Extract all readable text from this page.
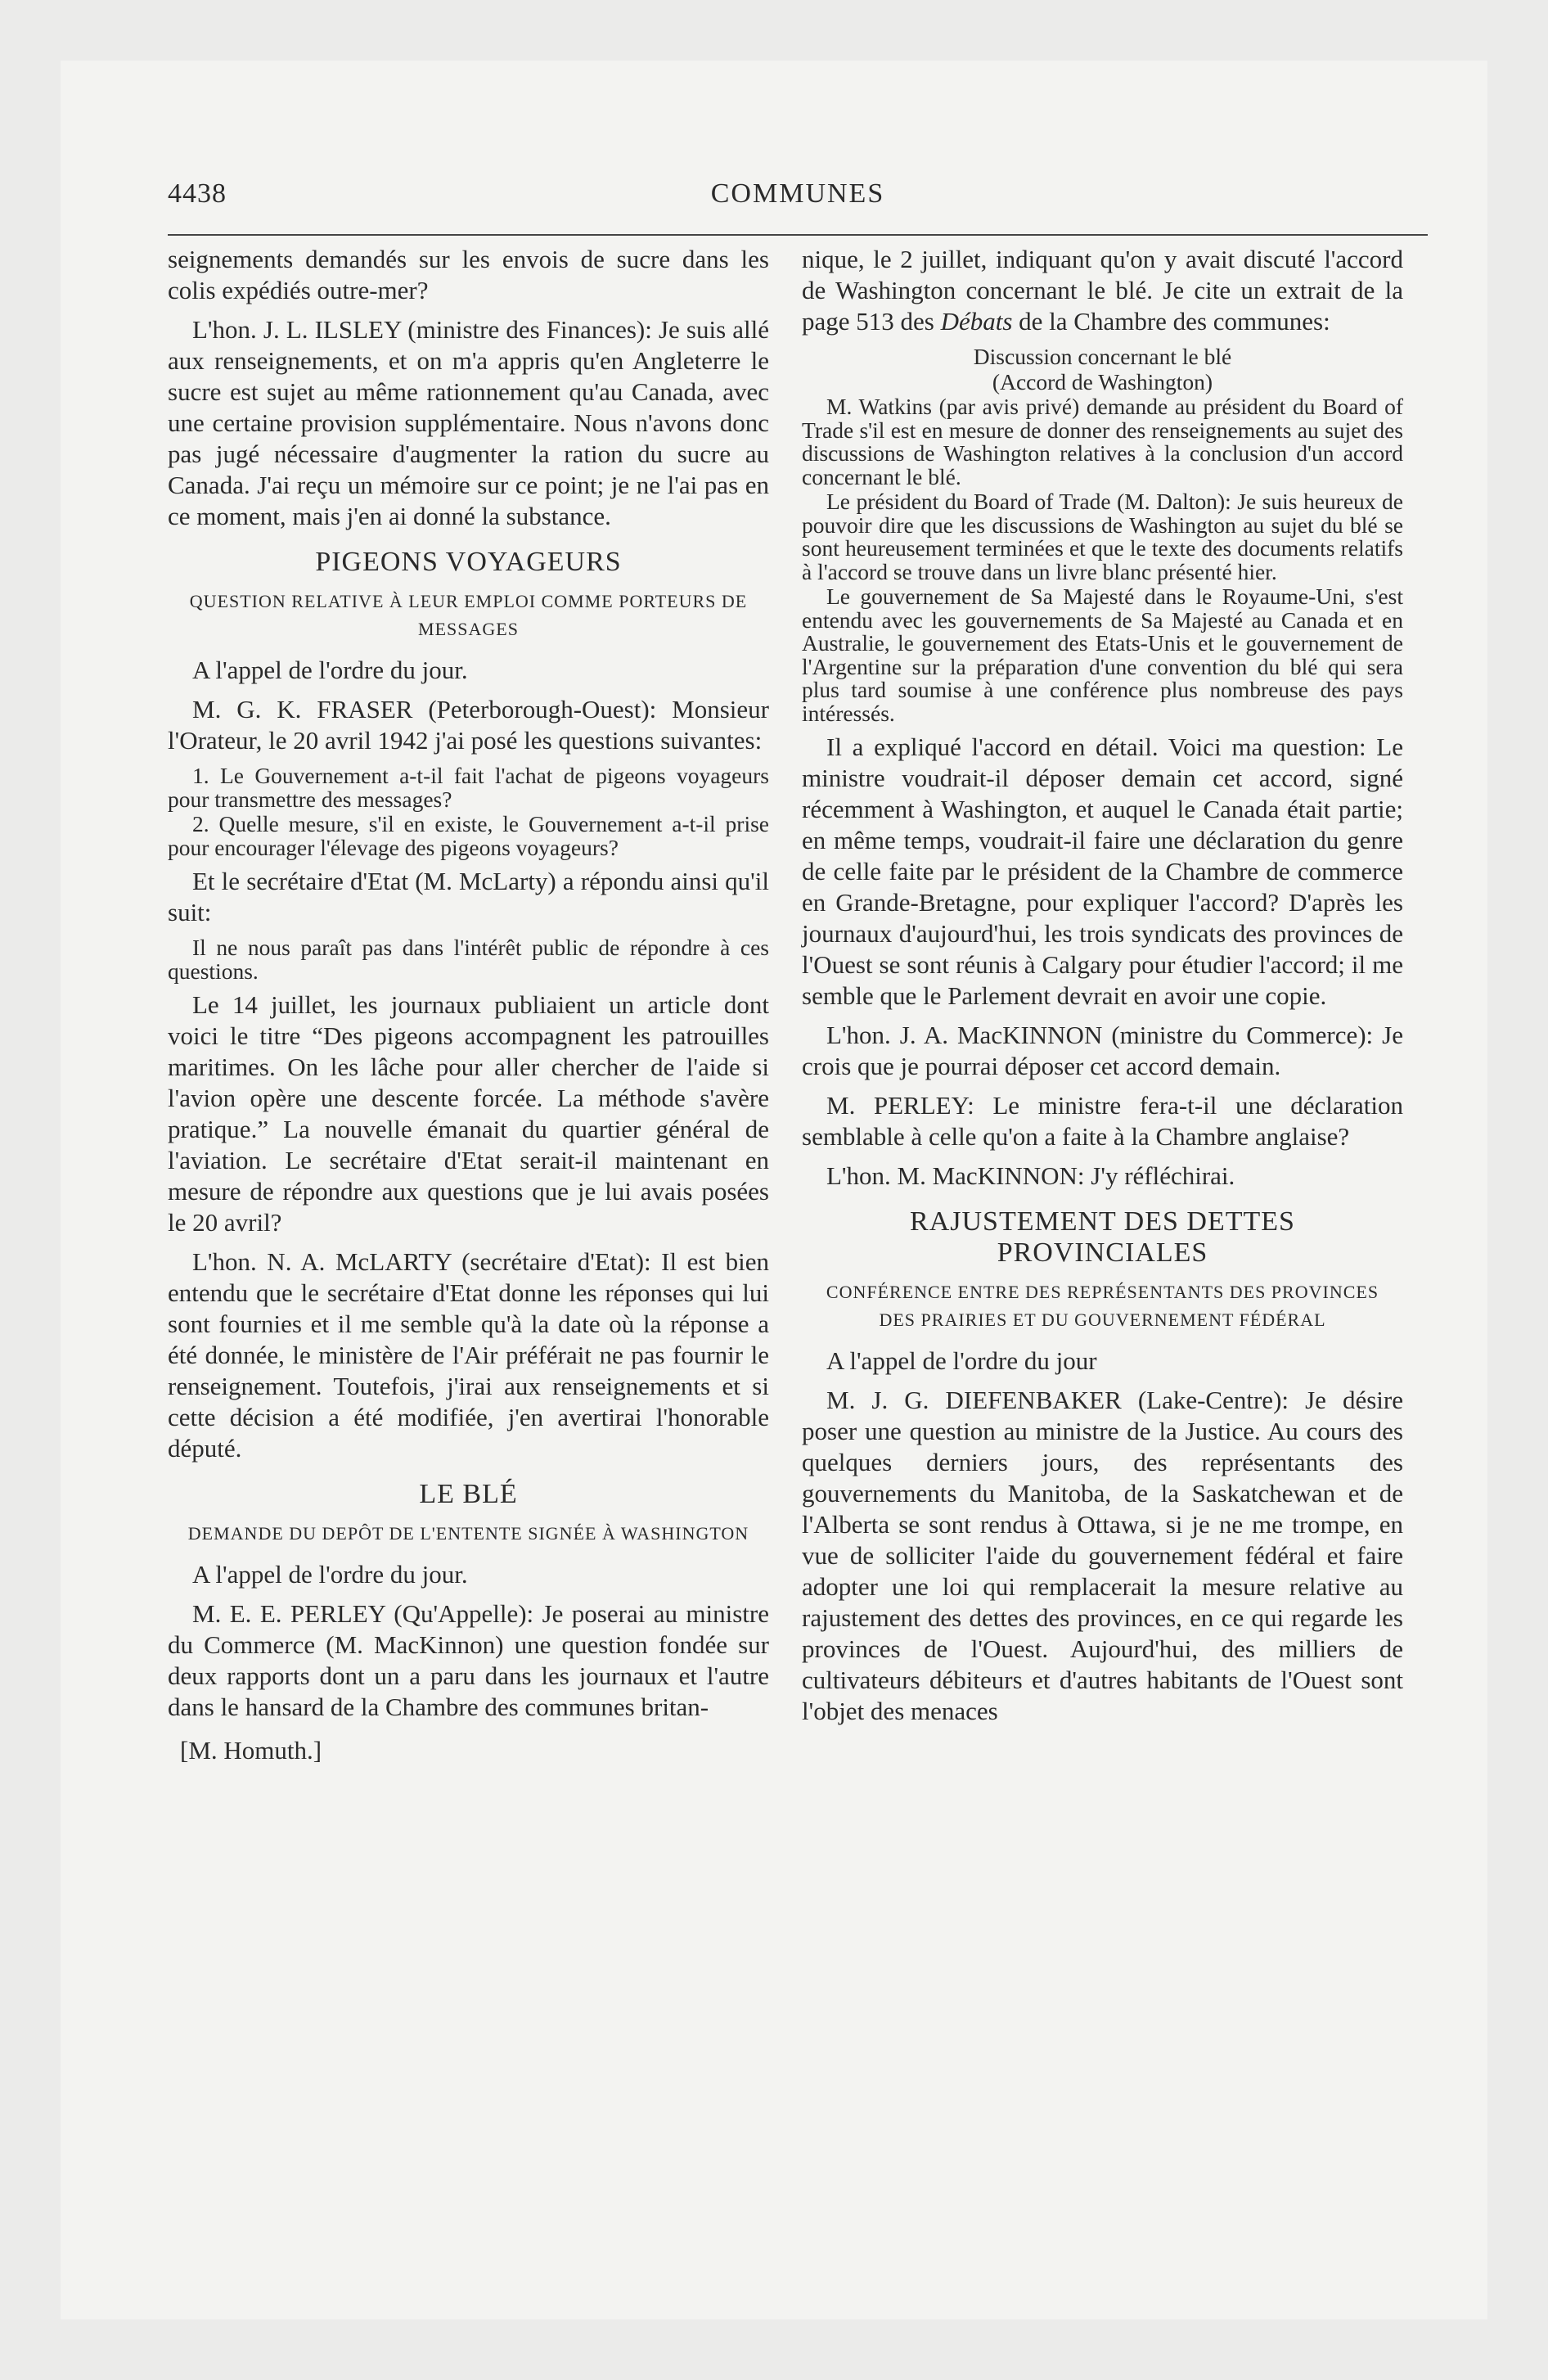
4438	COMMUNES

seignements demandés sur les envois de sucre dans les colis expédiés outre-mer?

L'hon. J. L. ILSLEY (ministre des Finances): Je suis allé aux renseignements, et on m'a appris qu'en Angleterre le sucre est sujet au même rationnement qu'au Canada, avec une certaine provision supplémentaire. Nous n'avons donc pas jugé nécessaire d'augmenter la ration du sucre au Canada. J'ai reçu un mémoire sur ce point; je ne l'ai pas en ce moment, mais j'en ai donné la substance.

PIGEONS VOYAGEURS
QUESTION RELATIVE À LEUR EMPLOI COMME PORTEURS DE MESSAGES

A l'appel de l'ordre du jour.

M. G. K. FRASER (Peterborough-Ouest): Monsieur l'Orateur, le 20 avril 1942 j'ai posé les questions suivantes:

1. Le Gouvernement a-t-il fait l'achat de pigeons voyageurs pour transmettre des messages?

2. Quelle mesure, s'il en existe, le Gouvernement a-t-il prise pour encourager l'élevage des pigeons voyageurs?

Et le secrétaire d'Etat (M. McLarty) a répondu ainsi qu'il suit:

Il ne nous paraît pas dans l'intérêt public de répondre à ces questions.

Le 14 juillet, les journaux publiaient un article dont voici le titre “Des pigeons accompagnent les patrouilles maritimes. On les lâche pour aller chercher de l'aide si l'avion opère une descente forcée. La méthode s'avère pratique.” La nouvelle émanait du quartier général de l'aviation. Le secrétaire d'Etat serait-il maintenant en mesure de répondre aux questions que je lui avais posées le 20 avril?

L'hon. N. A. McLARTY (secrétaire d'Etat): Il est bien entendu que le secrétaire d'Etat donne les réponses qui lui sont fournies et il me semble qu'à la date où la réponse a été donnée, le ministère de l'Air préférait ne pas fournir le renseignement. Toutefois, j'irai aux renseignements et si cette décision a été modifiée, j'en avertirai l'honorable député.

LE BLÉ
DEMANDE DU DEPÔT DE L'ENTENTE SIGNÉE À WASHINGTON

A l'appel de l'ordre du jour.

M. E. E. PERLEY (Qu'Appelle): Je poserai au ministre du Commerce (M. MacKinnon) une question fondée sur deux rapports dont un a paru dans les journaux et l'autre dans le hansard de la Chambre des communes britan-

[M. Homuth.]

nique, le 2 juillet, indiquant qu'on y avait discuté l'accord de Washington concernant le blé. Je cite un extrait de la page 513 des Débats de la Chambre des communes:

Discussion concernant le blé

(Accord de Washington)

M. Watkins (par avis privé) demande au président du Board of Trade s'il est en mesure de donner des renseignements au sujet des discussions de Washington relatives à la conclusion d'un accord concernant le blé.

Le président du Board of Trade (M. Dalton): Je suis heureux de pouvoir dire que les discussions de Washington au sujet du blé se sont heureusement terminées et que le texte des documents relatifs à l'accord se trouve dans un livre blanc présenté hier.

Le gouvernement de Sa Majesté dans le Royaume-Uni, s'est entendu avec les gouvernements de Sa Majesté au Canada et en Australie, le gouvernement des Etats-Unis et le gouvernement de l'Argentine sur la préparation d'une convention du blé qui sera plus tard soumise à une conférence plus nombreuse des pays intéressés.

Il a expliqué l'accord en détail. Voici ma question: Le ministre voudrait-il déposer demain cet accord, signé récemment à Washington, et auquel le Canada était partie; en même temps, voudrait-il faire une déclaration du genre de celle faite par le président de la Chambre de commerce en Grande-Bretagne, pour expliquer l'accord? D'après les journaux d'aujourd'hui, les trois syndicats des provinces de l'Ouest se sont réunis à Calgary pour étudier l'accord; il me semble que le Parlement devrait en avoir une copie.

L'hon. J. A. MacKINNON (ministre du Commerce): Je crois que je pourrai déposer cet accord demain.

M. PERLEY: Le ministre fera-t-il une déclaration semblable à celle qu'on a faite à la Chambre anglaise?

L'hon. M. MacKINNON: J'y réfléchirai.

RAJUSTEMENT DES DETTES PROVINCIALES
CONFÉRENCE ENTRE DES REPRÉSENTANTS DES PROVINCES DES PRAIRIES ET DU GOUVERNEMENT FÉDÉRAL

A l'appel de l'ordre du jour

M. J. G. DIEFENBAKER (Lake-Centre): Je désire poser une question au ministre de la Justice. Au cours des quelques derniers jours, des représentants des gouvernements du Manitoba, de la Saskatchewan et de l'Alberta se sont rendus à Ottawa, si je ne me trompe, en vue de solliciter l'aide du gouvernement fédéral et faire adopter une loi qui remplacerait la mesure relative au rajustement des dettes des provinces, en ce qui regarde les provinces de l'Ouest. Aujourd'hui, des milliers de cultivateurs débiteurs et d'autres habitants de l'Ouest sont l'objet des menaces
